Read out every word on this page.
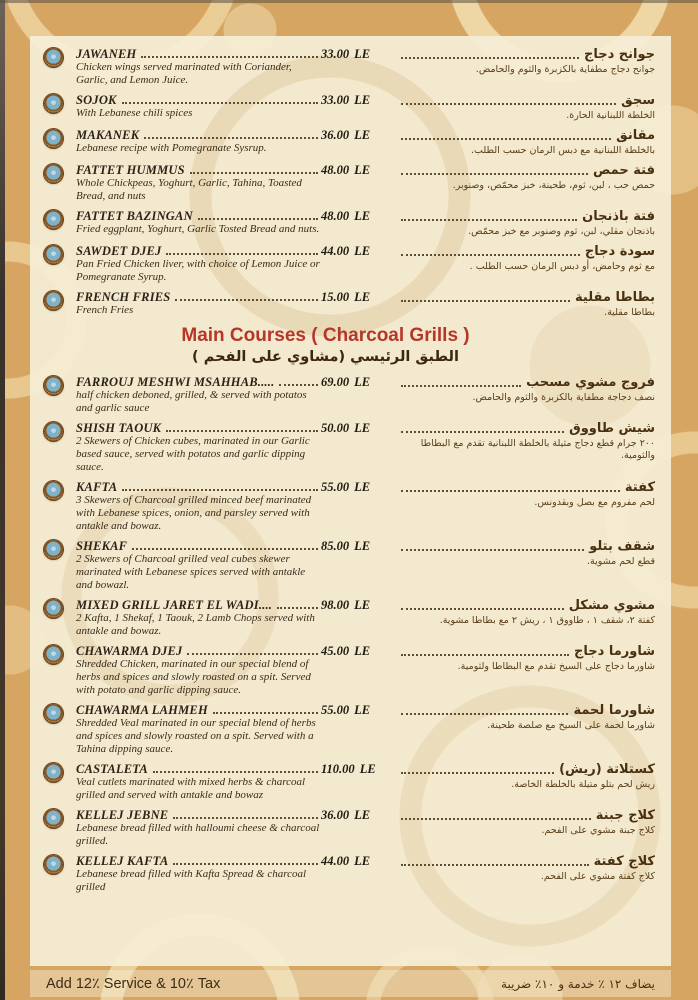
JAWANEH
Chicken wings served marinated with Coriander, Garlic, and Lemon Juice.
33.00 LE	جوانح دجاج
جوانح دجاج مطفاية بالكزبرة والثوم والحامض.
SOJOK
With Lebanese chili spices
33.00 LE	سجق
الخلطة اللبنانية الحارة.
MAKANEK
Lebanese recipe with Pomegranate Sysrup.
36.00 LE	مقانق
بالخلطة اللبنانية مع دبس الرمان حسب الطلب.
FATTET HUMMUS
Whole Chickpeas, Yoghurt, Garlic, Tahina, Toasted Bread, and nuts
48.00 LE	فتة حمص
حمص حب ، لبن، ثوم، طحينة، خبز محمّص، وصنوبر.
FATTET BAZINGAN
Fried eggplant, Yoghurt, Garlic Tosted Bread and nuts.
48.00 LE	فتة باذنجان
باذنجان مقلي، لبن، ثوم وصنوبر مع خبز محمّص.
SAWDET DJEJ
Pan Fried Chicken liver, with choice of Lemon Juice or Pomegranate Syrup.
44.00 LE	سودة دجاج
مع ثوم وحامض، أو دبس الرمان حسب الطلب .
FRENCH FRIES
French Fries
15.00 LE	بطاطا مقلية
بطاطا مقلية.
Main Courses ( Charcoal Grills )
الطبق الرئيسي (مشاوي على الفحم )
FARROUJ MESHWI MSAHHAB.....
half chicken deboned, grilled, & served with potatos and garlic sauce
69.00 LE	فروج مشوي مسحب
نصف دجاجة مطفاية بالكزبرة والثوم والحامض.
SHISH TAOUK
2 Skewers of Chicken cubes, marinated in our Garlic based sauce, served with potatos and garlic dipping sauce.
50.00 LE	شيش طاووق
٢٠٠ جرام قطع دجاج مثيلة بالخلطة اللبنانية تقدم مع البطاطا والثومية.
KAFTA
3 Skewers of Charcoal grilled minced beef marinated with Lebanese spices, onion, and parsley served with antakle and bowaz.
55.00 LE	كفتة
لحم مفروم مع بصل وبقدونس.
SHEKAF
2 Skewers of Charcoal grilled veal cubes skewer marinated with Lebanese spices served with antakle and bowazl.
85.00 LE	شقف بتلو
قطع لحم مشوية.
MIXED GRILL JARET EL WADI....
2 Kafta, 1 Shekaf, 1 Taouk, 2 Lamb Chops served with antakle and bowaz.
98.00 LE	مشوي مشكل
كفتة ٢، شقف ١ ، طاووق ١ ، ريش ٢ مع بطاطا مشوية.
CHAWARMA DJEJ
Shredded Chicken, marinated in our special blend of herbs and spices and slowly roasted on a spit. Served with potato and garlic dipping sauce.
45.00 LE	شاورما دجاج
شاورما دجاج على السيخ تقدم مع البطاطا ولثومية.
CHAWARMA LAHMEH
Shredded Veal marinated in our special blend of herbs and spices and slowly roasted on a spit. Served with a Tahina dipping sauce.
55.00 LE	شاورما لحمة
شاورما لحمة على السيخ مع صلصة طحينة.
CASTALETA
Veal cutlets marinated with mixed herbs & charcoal grilled and served with antakle and bowaz
110.00 LE	كستلاتة (ريش)
ريش لحم بتلو متيلة بالخلطة الخاصة.
KELLEJ JEBNE
Lebanese bread filled with halloumi cheese & charcoal grilled.
36.00 LE	كلاج جبنة
كلاج جبنة مشوي على الفحم.
KELLEJ KAFTA
Lebanese bread filled with Kafta Spread & charcoal grilled
44.00 LE	كلاج كفتة
كلاج كفتة مشوي على الفحم.
Add 12٪ Service & 10٪ Tax	يضاف ١٢ ٪ خدمة و ١٠٪ ضريبة
